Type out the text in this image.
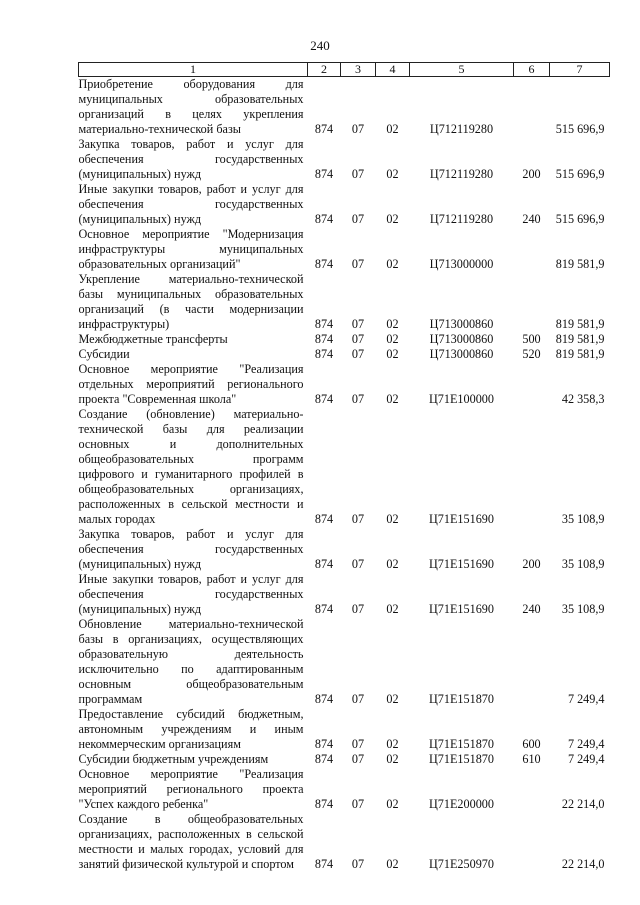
240
1	2	3	4	5	6	7
Приобретение оборудования для муниципальных образовательных организаций в целях укрепления материально-технической базы	874	07	02	Ц712119280		515 696,9
Закупка товаров, работ и услуг для обеспечения государственных (муниципальных) нужд	874	07	02	Ц712119280	200	515 696,9
Иные закупки товаров, работ и услуг для обеспечения государственных (муниципальных) нужд	874	07	02	Ц712119280	240	515 696,9
Основное мероприятие "Модернизация инфраструктуры муниципальных образовательных организаций"	874	07	02	Ц713000000		819 581,9
Укрепление материально-технической базы муниципальных образовательных организаций (в части модернизации инфраструктуры)	874	07	02	Ц713000860		819 581,9
Межбюджетные трансферты	874	07	02	Ц713000860	500	819 581,9
Субсидии	874	07	02	Ц713000860	520	819 581,9
Основное мероприятие "Реализация отдельных мероприятий регионального проекта "Современная школа"	874	07	02	Ц71Е100000		42 358,3
Создание (обновление) материально-технической базы для реализации основных и дополнительных общеобразовательных программ цифрового и гуманитарного профилей в общеобразовательных организациях, расположенных в сельской местности и малых городах	874	07	02	Ц71Е151690		35 108,9
Закупка товаров, работ и услуг для обеспечения государственных (муниципальных) нужд	874	07	02	Ц71Е151690	200	35 108,9
Иные закупки товаров, работ и услуг для обеспечения государственных (муниципальных) нужд	874	07	02	Ц71Е151690	240	35 108,9
Обновление материально-технической базы в организациях, осуществляющих образовательную деятельность исключительно по адаптированным основным общеобразовательным программам	874	07	02	Ц71Е151870		7 249,4
Предоставление субсидий бюджетным, автономным учреждениям и иным некоммерческим организациям	874	07	02	Ц71Е151870	600	7 249,4
Субсидии бюджетным учреждениям	874	07	02	Ц71Е151870	610	7 249,4
Основное мероприятие "Реализация мероприятий регионального проекта "Успех каждого ребенка"	874	07	02	Ц71Е200000		22 214,0
Создание в общеобразовательных организациях, расположенных в сельской местности и малых городах, условий для занятий физической культурой и спортом	874	07	02	Ц71Е250970		22 214,0
